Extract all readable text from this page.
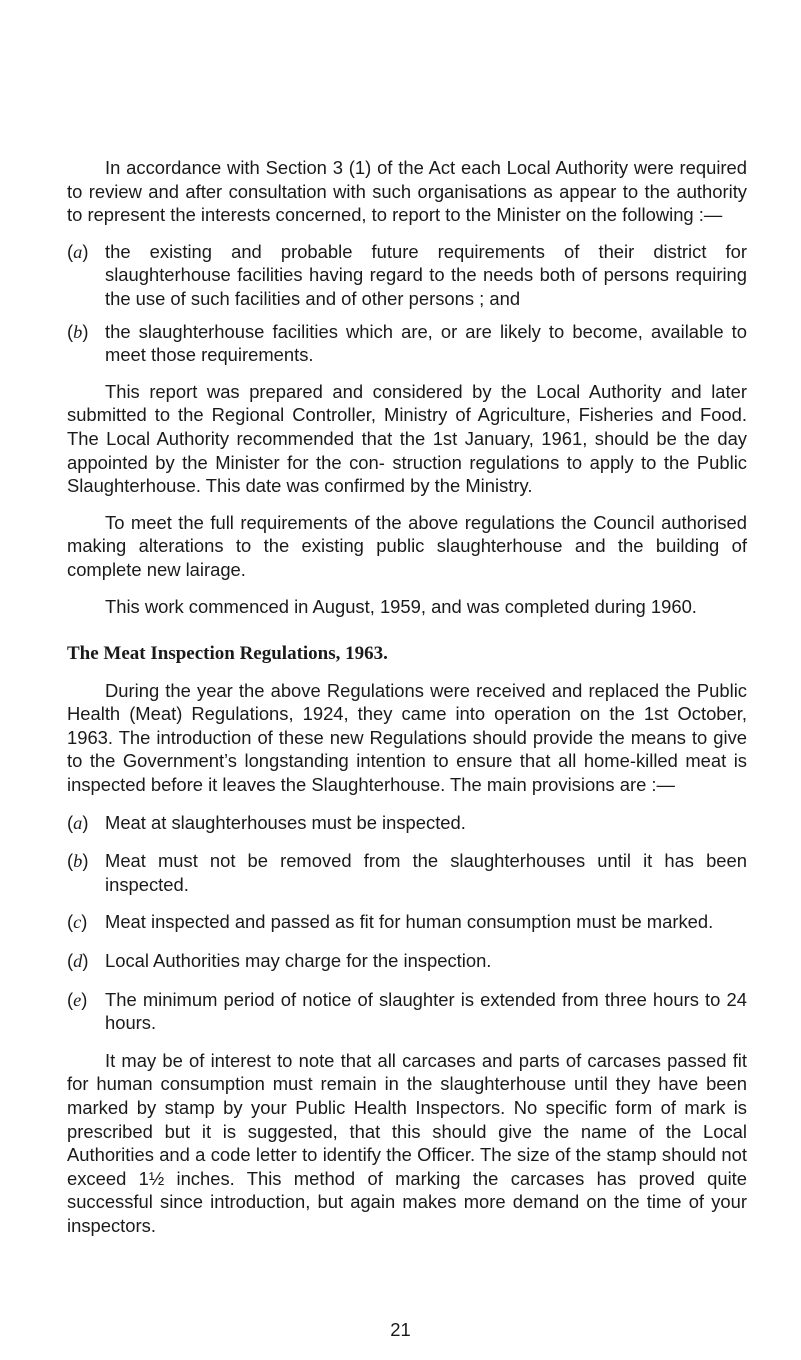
In accordance with Section 3 (1) of the Act each Local Authority were required to review and after consultation with such organisations as appear to the authority to represent the interests concerned, to report to the Minister on the following :—

(a) the existing and probable future requirements of their district for slaughterhouse facilities having regard to the needs both of persons requiring the use of such facilities and of other persons ; and
(b) the slaughterhouse facilities which are, or are likely to become, available to meet those requirements.

This report was prepared and considered by the Local Authority and later submitted to the Regional Controller, Ministry of Agriculture, Fisheries and Food. The Local Authority recommended that the 1st January, 1961, should be the day appointed by the Minister for the con- struction regulations to apply to the Public Slaughterhouse. This date was confirmed by the Ministry.

To meet the full requirements of the above regulations the Council authorised making alterations to the existing public slaughterhouse and the building of complete new lairage.

This work commenced in August, 1959, and was completed during 1960.

The Meat Inspection Regulations, 1963.

During the year the above Regulations were received and replaced the Public Health (Meat) Regulations, 1924, they came into operation on the 1st October, 1963. The introduction of these new Regulations should provide the means to give to the Government’s longstanding intention to ensure that all home-killed meat is inspected before it leaves the Slaughterhouse. The main provisions are :—

(a) Meat at slaughterhouses must be inspected.
(b) Meat must not be removed from the slaughterhouses until it has been inspected.
(c) Meat inspected and passed as fit for human consumption must be marked.
(d) Local Authorities may charge for the inspection.
(e) The minimum period of notice of slaughter is extended from three hours to 24 hours.

It may be of interest to note that all carcases and parts of carcases passed fit for human consumption must remain in the slaughterhouse until they have been marked by stamp by your Public Health Inspectors. No specific form of mark is prescribed but it is suggested, that this should give the name of the Local Authorities and a code letter to identify the Officer. The size of the stamp should not exceed 1½ inches. This method of marking the carcases has proved quite successful since introduction, but again makes more demand on the time of your inspectors.

21
